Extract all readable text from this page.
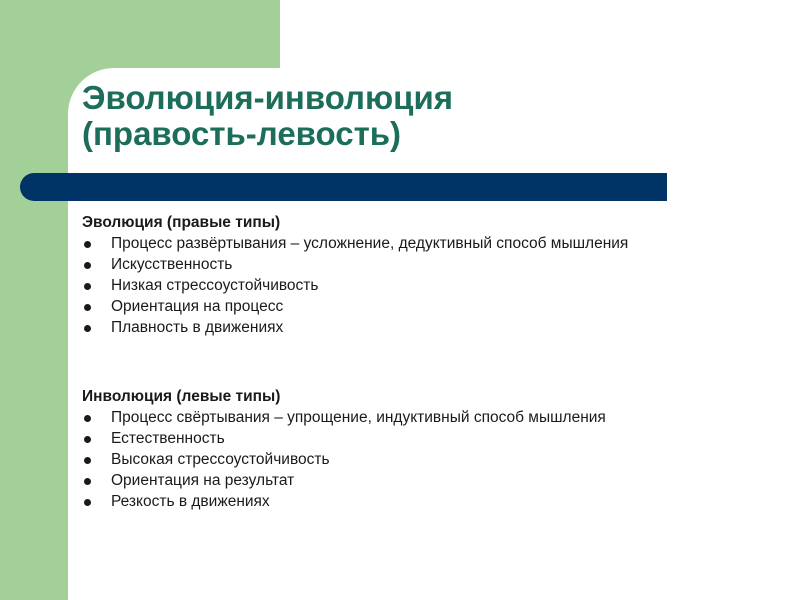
Эволюция-инволюция
(правость-левость)
Эволюция (правые типы)
Процесс развёртывания – усложнение, дедуктивный способ мышления
Искусственность
Низкая стрессоустойчивость
Ориентация на процесс
Плавность в движениях
Инволюция (левые типы)
Процесс свёртывания – упрощение, индуктивный способ мышления
Естественность
Высокая стрессоустойчивость
Ориентация на результат
Резкость в движениях
